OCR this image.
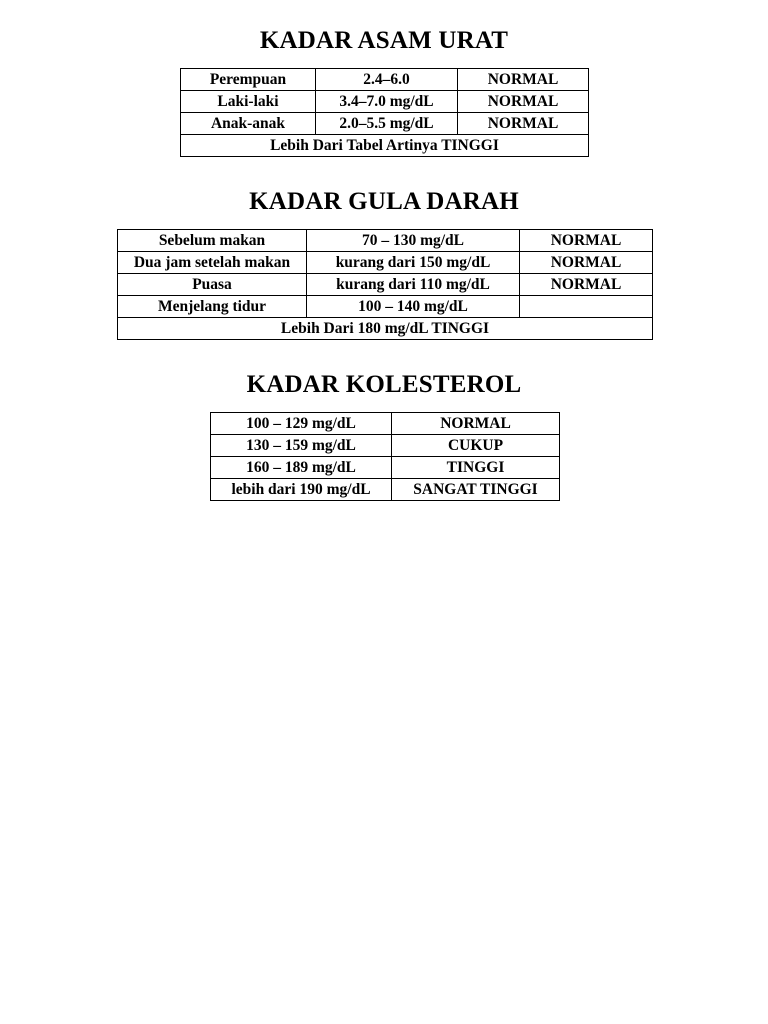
KADAR ASAM URAT
Perempuan	2.4–6.0	NORMAL
Laki-laki	3.4–7.0 mg/dL	NORMAL
Anak-anak	2.0–5.5 mg/dL	NORMAL
Lebih Dari Tabel Artinya TINGGI		
KADAR GULA DARAH
Sebelum makan	70 – 130 mg/dL	NORMAL
Dua jam setelah makan	kurang dari 150 mg/dL	NORMAL
Puasa	kurang dari 110 mg/dL	NORMAL
Menjelang tidur	100 – 140 mg/dL	
Lebih Dari 180 mg/dL TINGGI		
KADAR KOLESTEROL
100 – 129 mg/dL	NORMAL
130 – 159 mg/dL	CUKUP
160 – 189 mg/dL	TINGGI
lebih dari 190 mg/dL	SANGAT TINGGI
